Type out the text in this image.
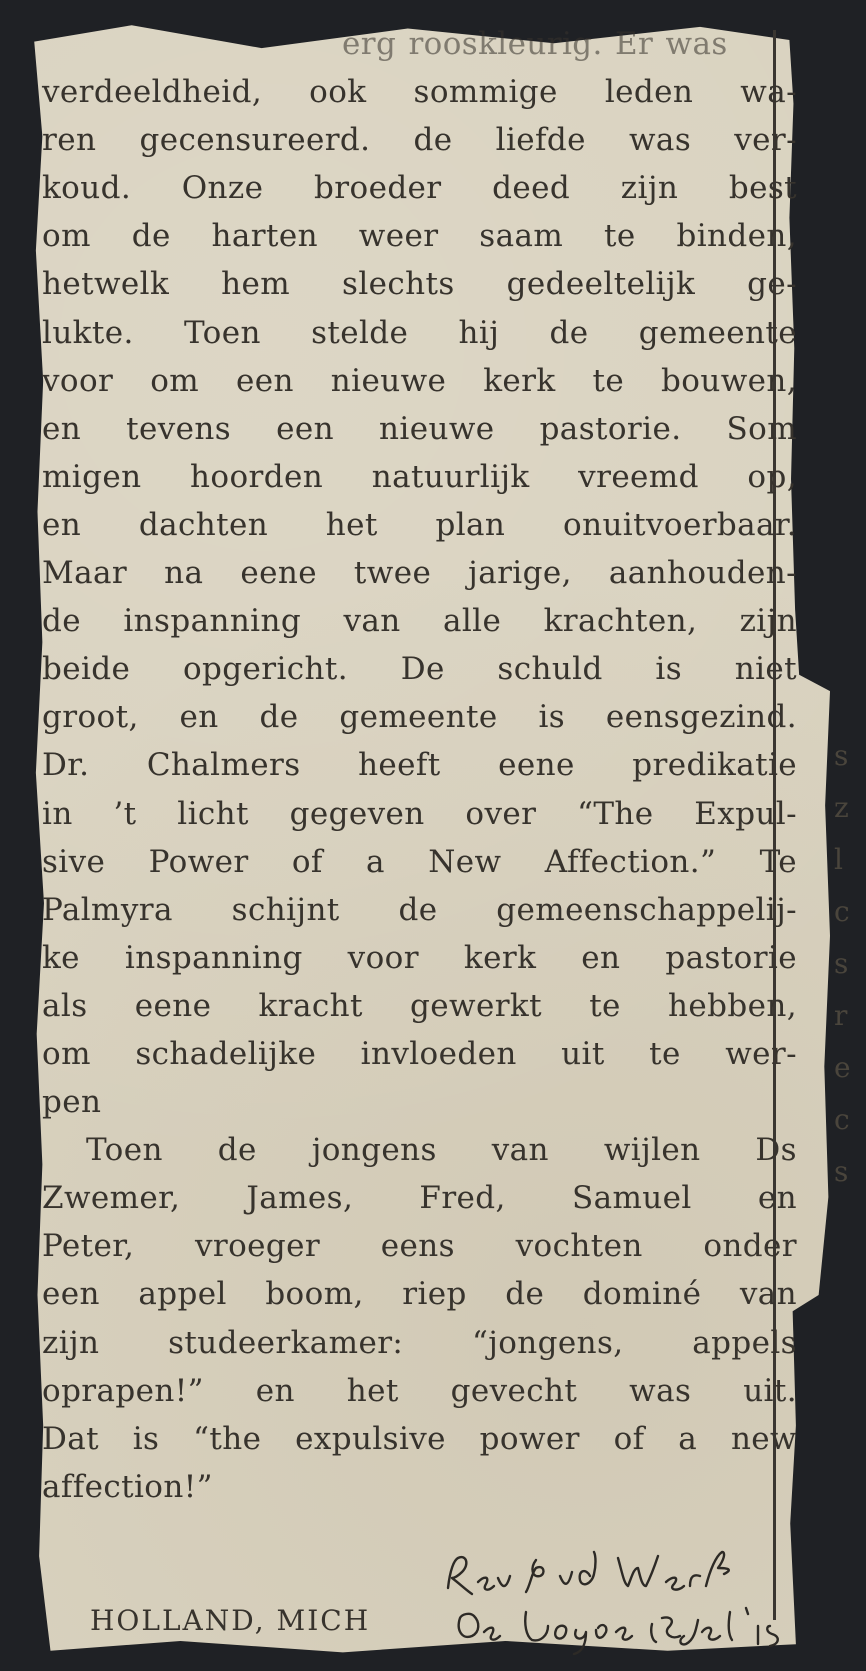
erg rooskleurig. Er was
verdeeldheid, ook sommige leden wa-
ren gecensureerd. de liefde was ver-
koud. Onze broeder deed zijn best
om de harten weer saam te binden,
hetwelk hem slechts gedeeltelijk ge-
lukte. Toen stelde hij de gemeente
voor om een nieuwe kerk te bouwen,
en tevens een nieuwe pastorie. Som
migen hoorden natuurlijk vreemd op,
en dachten het plan onuitvoerbaar.
Maar na eene twee jarige, aanhouden-
de inspanning van alle krachten, zijn
beide opgericht. De schuld is niet
groot, en de gemeente is eensgezind.
Dr. Chalmers heeft eene predikatie
in ’t licht gegeven over “The Expul-
sive Power of a New Affection.” Te
Palmyra schijnt de gemeenschappelij-
ke inspanning voor kerk en pastorie
als eene kracht gewerkt te hebben,
om schadelijke invloeden uit te wer-
pen
Toen de jongens van wijlen Ds
Zwemer, James, Fred, Samuel en
Peter, vroeger eens vochten onder
een appel boom, riep de dominé van
zijn studeerkamer: “jongens, appels
oprapen!” en het gevecht was uit.
Dat is “the expulsive power of a new
affection!”
HOLLAND, MICH
s
z
l
c
s
r
e
c
s
Rev J v d Werf
De Hope 12 Jul ’15
